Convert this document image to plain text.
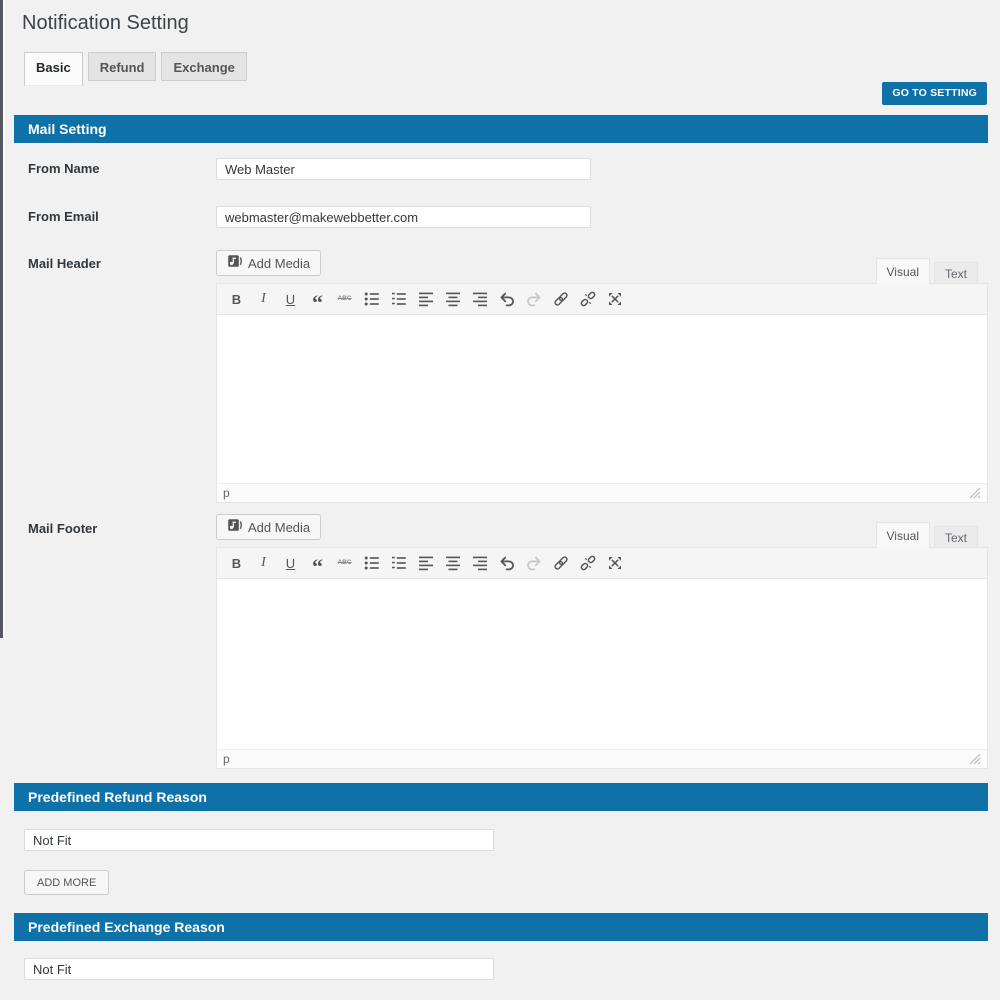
Notification Setting
Basic	Refund	Exchange
GO TO SETTING
Mail Setting
From Name
Web Master
From Email
webmaster@makewebbetter.com
Mail Header	Add Media
Visual	Text
B I U “ ABC
p
Mail Footer	Add Media
Visual	Text
B I U “ ABC
p
Predefined Refund Reason
Not Fit
ADD MORE
Predefined Exchange Reason
Not Fit
